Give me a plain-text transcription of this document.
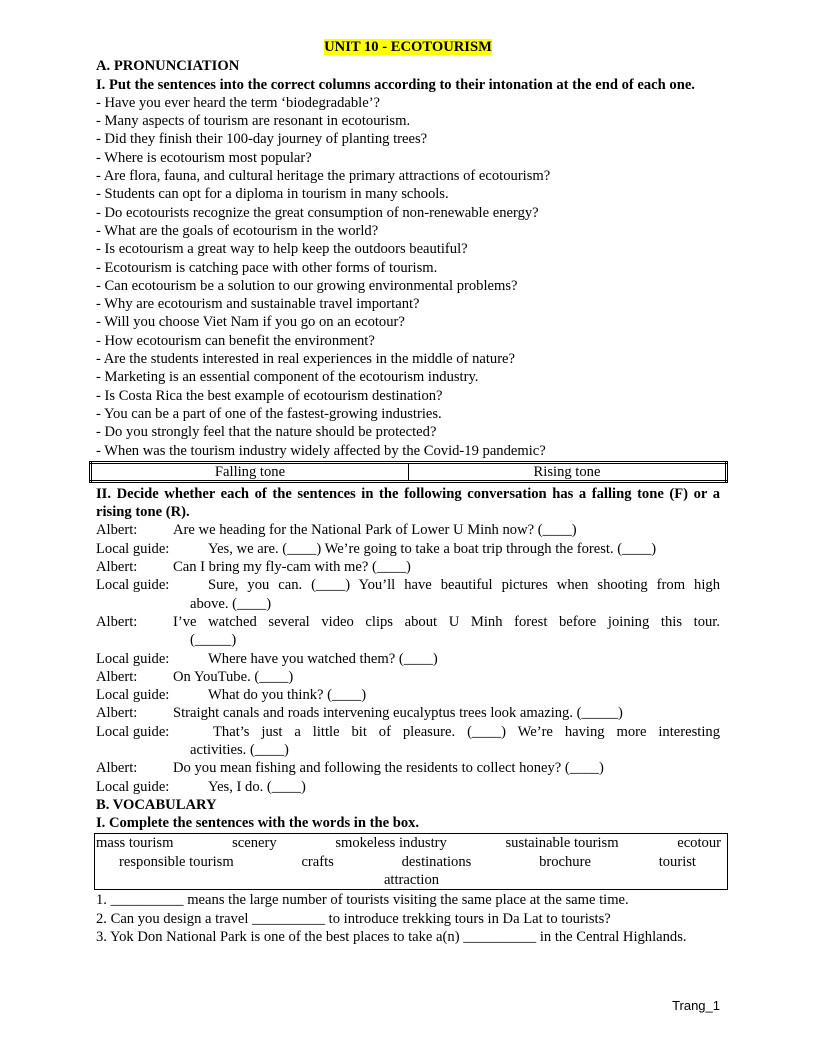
UNIT 10 - ECOTOURISM
A. PRONUNCIATION
I. Put the sentences into the correct columns according to their intonation at the end of each one.
- Have you ever heard the term ‘biodegradable’?
- Many aspects of tourism are resonant in ecotourism.
- Did they finish their 100-day journey of planting trees?
- Where is ecotourism most popular?
- Are flora, fauna, and cultural heritage the primary attractions of ecotourism?
- Students can opt for a diploma in tourism in many schools.
- Do ecotourists recognize the great consumption of non-renewable energy?
- What are the goals of ecotourism in the world?
- Is ecotourism a great way to help keep the outdoors beautiful?
- Ecotourism is catching pace with other forms of tourism.
- Can ecotourism be a solution to our growing environmental problems?
- Why are ecotourism and sustainable travel important?
- Will you choose Viet Nam if you go on an ecotour?
- How ecotourism can benefit the environment?
- Are the students interested in real experiences in the middle of nature?
- Marketing is an essential component of the ecotourism industry.
- Is Costa Rica the best example of ecotourism destination?
- You can be a part of one of the fastest-growing industries.
- Do you strongly feel that the nature should be protected?
- When was the tourism industry widely affected by the Covid-19 pandemic?
Falling tone	Rising tone
II. Decide whether each of the sentences in the following conversation has a falling tone (F) or a rising tone (R).
Albert:	Are we heading for the National Park of Lower U Minh now? (____)
Local guide:	Yes, we are. (____) We’re going to take a boat trip through the forest. (____)
Albert:	Can I bring my fly-cam with me? (____)
Local guide:	Sure, you can. (____) You’ll have beautiful pictures when shooting from high
above. (____)
Albert:	I’ve watched several video clips about U Minh forest before joining this tour.
(_____)
Local guide:	Where have you watched them? (____)
Albert:	On YouTube. (____)
Local guide:	What do you think? (____)
Albert:	Straight canals and roads intervening eucalyptus trees look amazing. (_____)
Local guide:	That’s just a little bit of pleasure. (____) We’re having more interesting
activities. (____)
Albert:	Do you mean fishing and following the residents to collect honey? (____)
Local guide:	Yes, I do. (____)
B. VOCABULARY
I. Complete the sentences with the words in the box.
mass tourism	scenery	smokeless industry	sustainable tourism	ecotour
responsible tourism	crafts	destinations	brochure	tourist
attraction
1. __________ means the large number of tourists visiting the same place at the same time.
2. Can you design a travel __________ to introduce trekking tours in Da Lat to tourists?
3. Yok Don National Park is one of the best places to take a(n) __________ in the Central Highlands.
Trang_1
